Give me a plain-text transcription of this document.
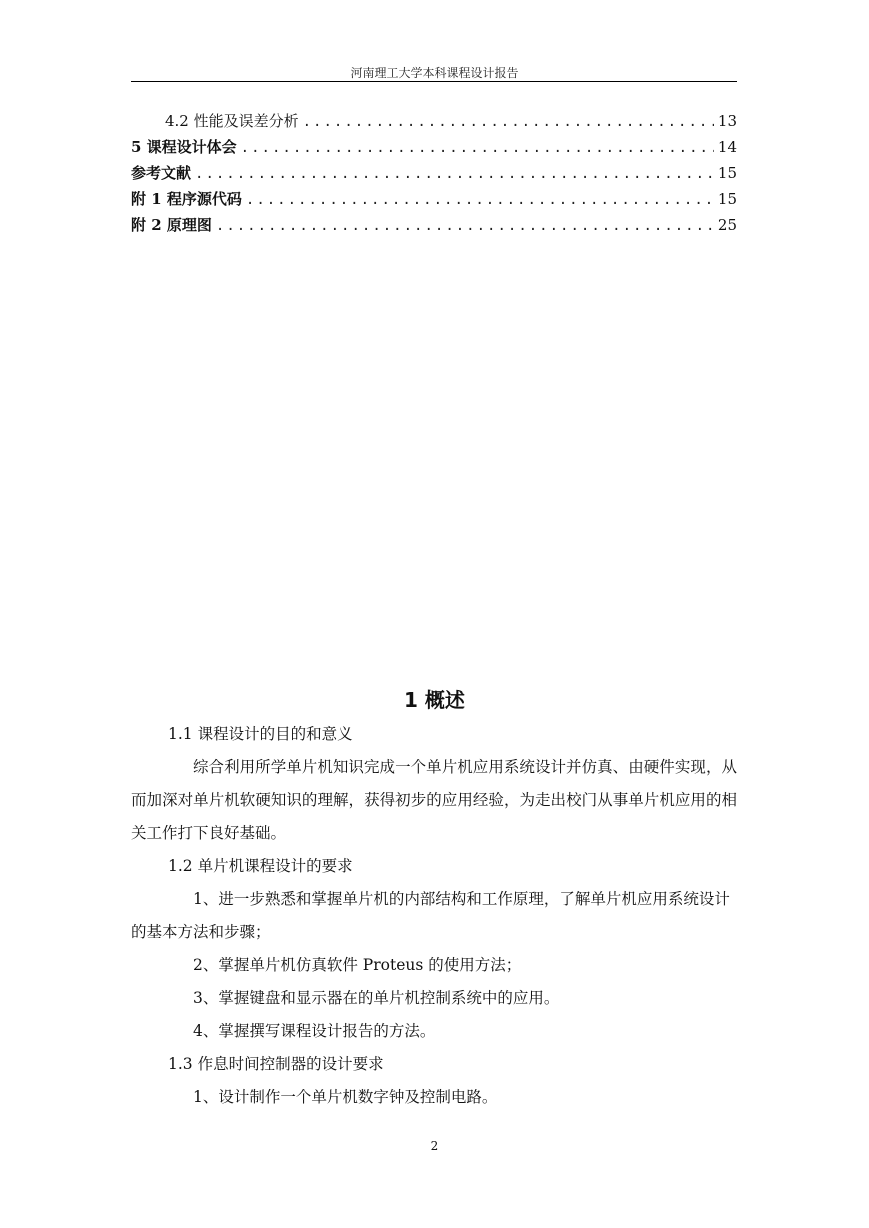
河南理工大学本科课程设计报告
4.2 性能及误差分析 .....	13
5 课程设计体会 .....	14
参考文献 .....	15
附 1 程序源代码 .....	15
附 2 原理图 .....	25
1 概述
1.1 课程设计的目的和意义
综合利用所学单片机知识完成一个单片机应用系统设计并仿真、由硬件实现，从而加深对单片机软硬知识的理解，获得初步的应用经验，为走出校门从事单片机应用的相关工作打下良好基础。
1.2 单片机课程设计的要求
1、进一步熟悉和掌握单片机的内部结构和工作原理，了解单片机应用系统设计的基本方法和步骤；
2、掌握单片机仿真软件 Proteus 的使用方法；
3、掌握键盘和显示器在的单片机控制系统中的应用。
4、掌握撰写课程设计报告的方法。
1.3 作息时间控制器的设计要求
1、设计制作一个单片机数字钟及控制电路。
2
